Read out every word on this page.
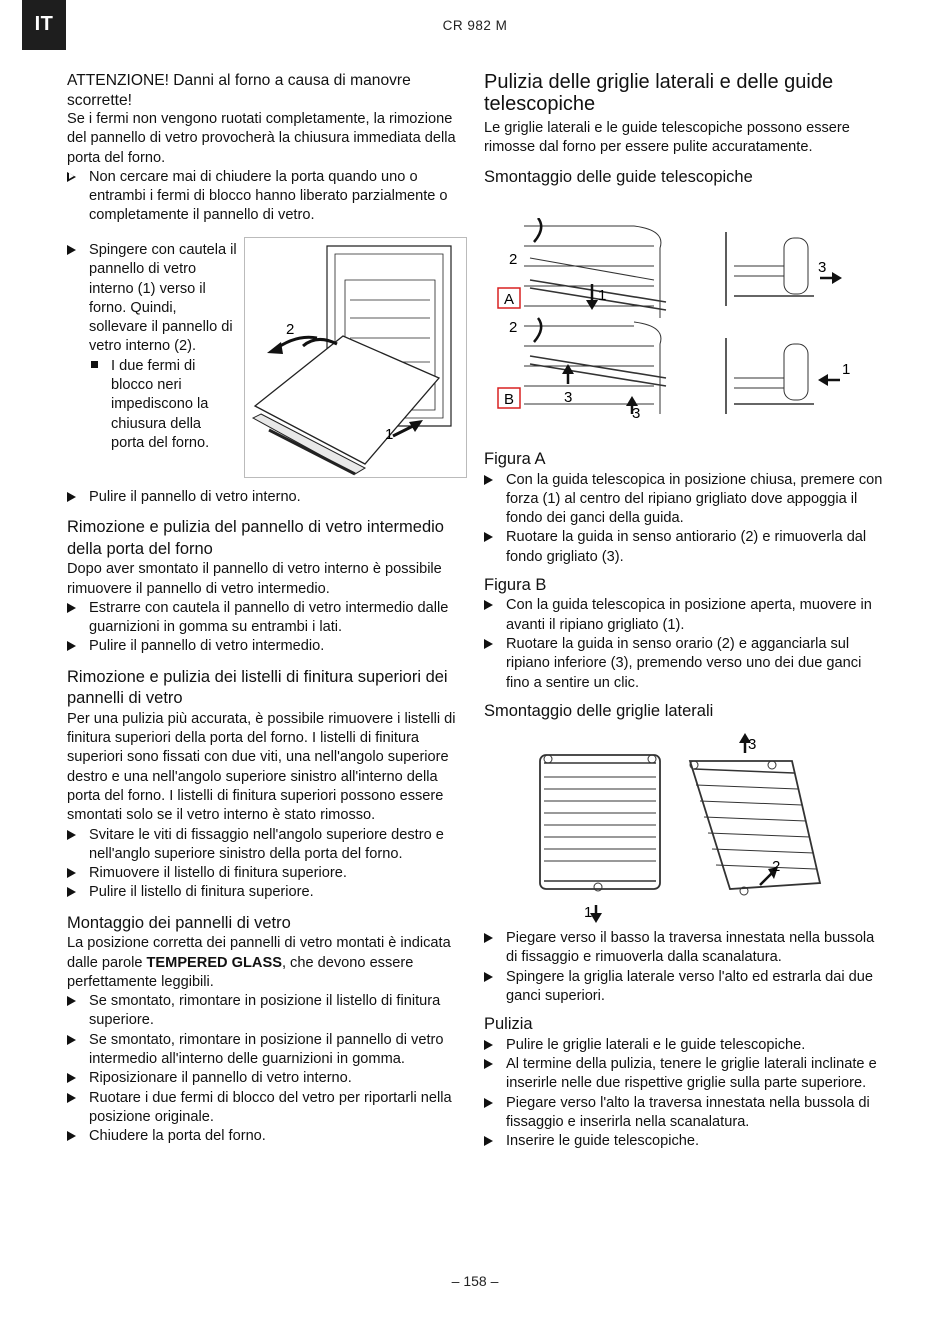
IT	CR 982 M

ATTENZIONE! Danni al forno a causa di manovre scorrette!

Se i fermi non vengono ruotati completamente, la rimozione del pannello di vetro provocherà la chiusura immediata della porta del forno.

Non cercare mai di chiudere la porta quando uno o entrambi i fermi di blocco hanno liberato parzialmente o completamente il pannello di vetro.
Spingere con cautela il pannello di vetro interno (1) verso il forno. Quindi, sollevare il pannello di vetro interno (2).
I due fermi di blocco neri impediscono la chiusura della porta del forno.
2
1
Pulire il pannello di vetro interno.
Rimozione e pulizia del pannello di vetro intermedio della porta del forno

Dopo aver smontato il pannello di vetro interno è possibile rimuovere il pannello di vetro intermedio.

Estrarre con cautela il pannello di vetro intermedio dalle guarnizioni in gomma su entrambi i lati.
Pulire il pannello di vetro intermedio.
Rimozione e pulizia dei listelli di finitura superiori dei pannelli di vetro

Per una pulizia più accurata, è possibile rimuovere i listelli di finitura superiori della porta del forno. I listelli di finitura superiori sono fissati con due viti, una nell'angolo superiore destro e una nell'angolo superiore sinistro all'interno della porta del forno. I listelli di finitura superiori possono essere smontati solo se il vetro interno è stato rimosso.

Svitare le viti di fissaggio nell'angolo superiore destro e nell'anglo superiore sinistro della porta del forno.
Rimuovere il listello di finitura superiore.
Pulire il listello di finitura superiore.
Montaggio dei pannelli di vetro

La posizione corretta dei pannelli di vetro montati è indicata dalle parole TEMPERED GLASS, che devono essere perfettamente leggibili.

Se smontato, rimontare in posizione il listello di finitura superiore.
Se smontato, rimontare in posizione il pannello di vetro intermedio all'interno delle guarnizioni in gomma.
Riposizionare il pannello di vetro interno.
Ruotare i due fermi di blocco del vetro per riportarli nella posizione originale.
Chiudere la porta del forno.
Pulizia delle griglie laterali e delle guide telescopiche

Le griglie laterali e le guide telescopiche possono essere rimosse dal forno per essere pulite accuratamente.

Smontaggio delle guide telescopiche
A
B
2
2
1
3
3
3
1
Figura A
Con la guida telescopica in posizione chiusa, premere con forza (1) al centro del ripiano grigliato dove appoggia il fondo dei ganci della guida.
Ruotare la guida in senso antiorario (2) e rimuoverla dal fondo grigliato (3).
Figura B
Con la guida telescopica in posizione aperta, muovere in avanti il ripiano grigliato (1).
Ruotare la guida in senso orario (2) e agganciarla sul ripiano inferiore (3), premendo verso uno dei due ganci fino a sentire un clic.
Smontaggio delle griglie laterali
1
2
3
Piegare verso il basso la traversa innestata nella bussola di fissaggio e rimuoverla dalla scanalatura.
Spingere la griglia laterale verso l'alto ed estrarla dai due ganci superiori.
Pulizia
Pulire le griglie laterali e le guide telescopiche.
Al termine della pulizia, tenere le griglie laterali inclinate e inserirle nelle due rispettive griglie sulla parte superiore.
Piegare verso l'alto la traversa innestata nella bussola di fissaggio e inserirla nella scanalatura.
Inserire le guide telescopiche.
– 158 –
